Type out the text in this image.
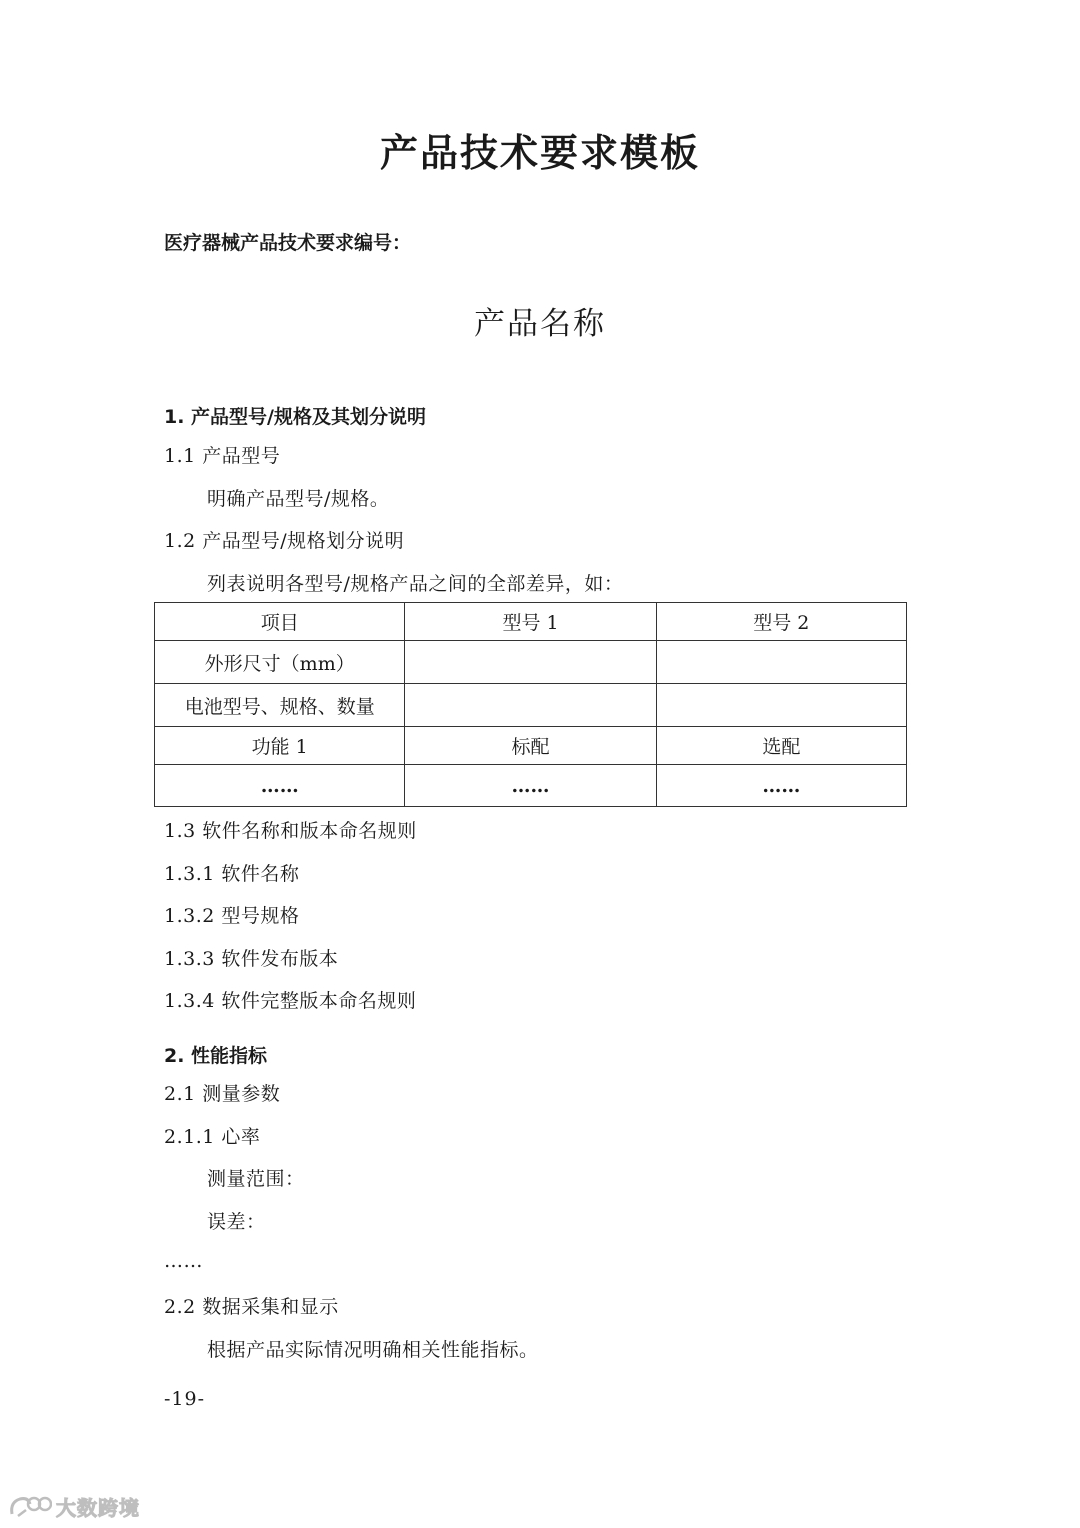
产品技术要求模板
医疗器械产品技术要求编号：
产品名称
1. 产品型号/规格及其划分说明
1.1 产品型号
明确产品型号/规格。
1.2 产品型号/规格划分说明
列表说明各型号/规格产品之间的全部差异，如：
项目	型号 1	型号 2
外形尺寸（mm）		
电池型号、规格、数量		
功能 1	标配	选配
……	……	……
1.3 软件名称和版本命名规则
1.3.1 软件名称
1.3.2 型号规格
1.3.3 软件发布版本
1.3.4 软件完整版本命名规则
2. 性能指标
2.1 测量参数
2.1.1 心率
测量范围：
误差：
……
2.2 数据采集和显示
根据产品实际情况明确相关性能指标。
-19-
大数跨境
